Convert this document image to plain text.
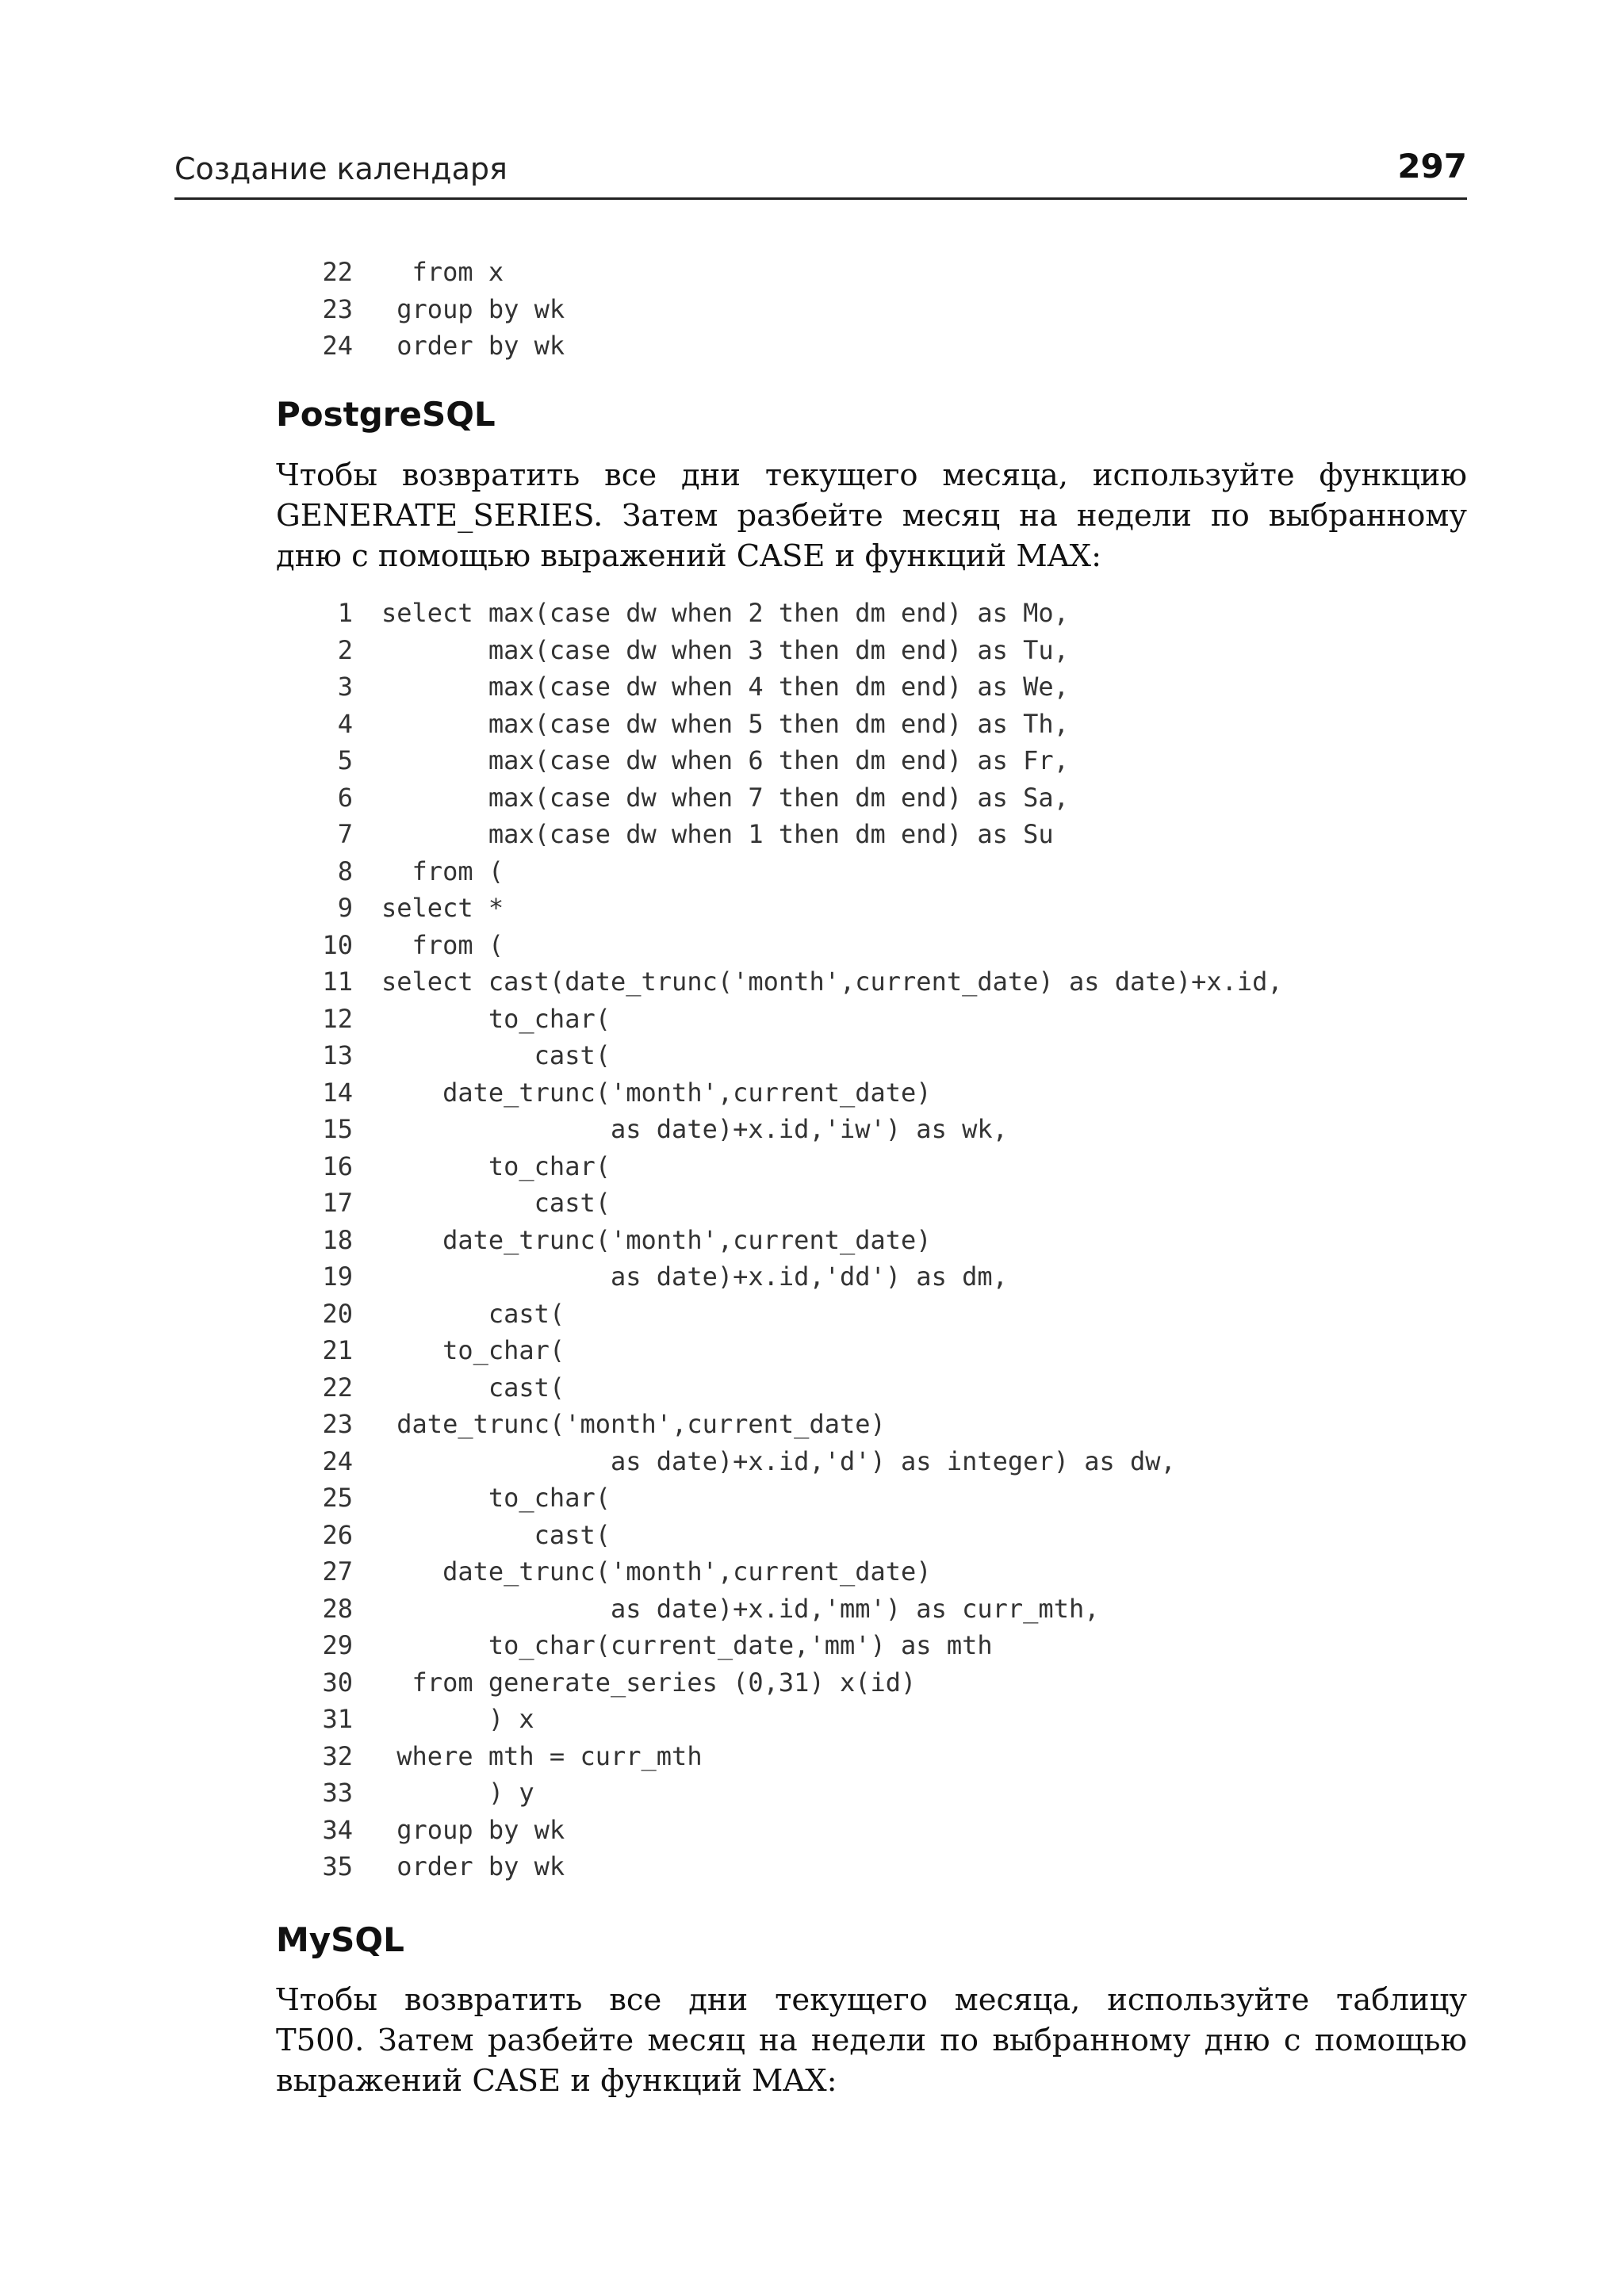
Создание календаря	297
22  from x
23 group by wk
24 order by wk
PostgreSQL

Чтобы возвратить все дни текущего месяца, используйте функцию
GENERATE_SERIES. Затем разбейте месяц на недели по выбранному
дню с помощью выражений CASE и функций MAX:

1 select max(case dw when 2 then dm end) as Mo,
2       max(case dw when 3 then dm end) as Tu,
3       max(case dw when 4 then dm end) as We,
4       max(case dw when 5 then dm end) as Th,
5       max(case dw when 6 then dm end) as Fr,
6       max(case dw when 7 then dm end) as Sa,
7       max(case dw when 1 then dm end) as Su
8  from (
9 select *
10  from (
11 select cast(date_trunc('month',current_date) as date)+x.id,
12       to_char(
13          cast(
14    date_trunc('month',current_date)
15               as date)+x.id,'iw') as wk,
16       to_char(
17          cast(
18    date_trunc('month',current_date)
19               as date)+x.id,'dd') as dm,
20       cast(
21    to_char(
22       cast(
23 date_trunc('month',current_date)
24               as date)+x.id,'d') as integer) as dw,
25       to_char(
26          cast(
27    date_trunc('month',current_date)
28               as date)+x.id,'mm') as curr_mth,
29       to_char(current_date,'mm') as mth
30  from generate_series (0,31) x(id)
31       ) x
32 where mth = curr_mth
33       ) y
34 group by wk
35 order by wk
MySQL

Чтобы возвратить все дни текущего месяца, используйте таблицу
T500. Затем разбейте месяц на недели по выбранному дню с помощью
выражений CASE и функций MAX:
